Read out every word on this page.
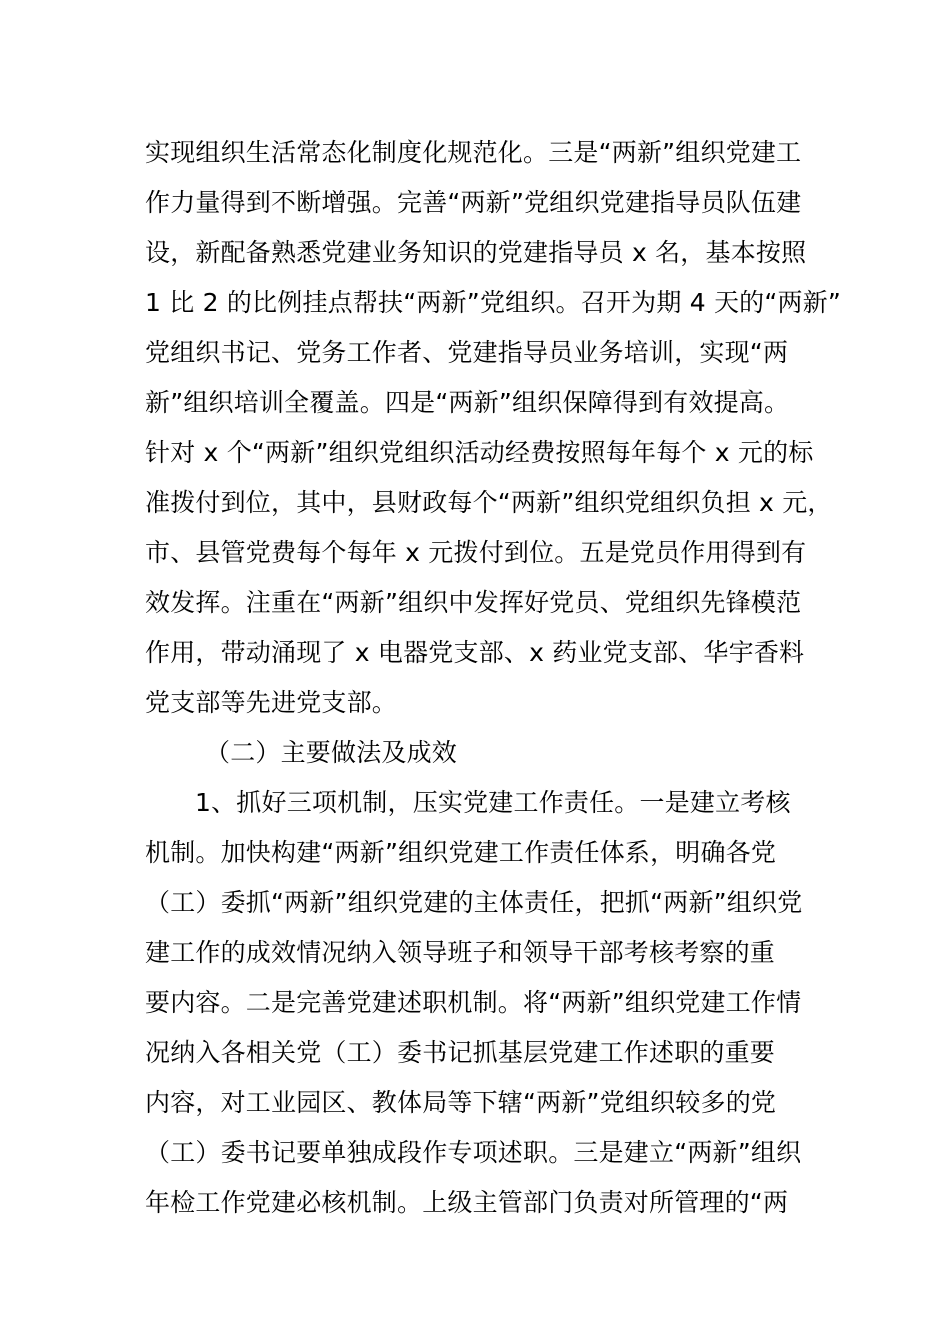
实现组织生活常态化制度化规范化。三是“两新”组织党建工
作力量得到不断增强。完善“两新”党组织党建指导员队伍建
设，新配备熟悉党建业务知识的党建指导员 x 名，基本按照
1 比 2 的比例挂点帮扶“两新”党组织。召开为期 4 天的“两新”
党组织书记、党务工作者、党建指导员业务培训，实现“两
新”组织培训全覆盖。四是“两新”组织保障得到有效提高。
针对 x 个“两新”组织党组织活动经费按照每年每个 x 元的标
准拨付到位，其中，县财政每个“两新”组织党组织负担 x 元，
市、县管党费每个每年 x 元拨付到位。五是党员作用得到有
效发挥。注重在“两新”组织中发挥好党员、党组织先锋模范
作用，带动涌现了 x 电器党支部、x 药业党支部、华宇香料
党支部等先进党支部。
（二）主要做法及成效
1、抓好三项机制，压实党建工作责任。一是建立考核
机制。加快构建“两新”组织党建工作责任体系，明确各党
（工）委抓“两新”组织党建的主体责任，把抓“两新”组织党
建工作的成效情况纳入领导班子和领导干部考核考察的重
要内容。二是完善党建述职机制。将“两新”组织党建工作情
况纳入各相关党（工）委书记抓基层党建工作述职的重要
内容，对工业园区、教体局等下辖“两新”党组织较多的党
（工）委书记要单独成段作专项述职。三是建立“两新”组织
年检工作党建必核机制。上级主管部门负责对所管理的“两
